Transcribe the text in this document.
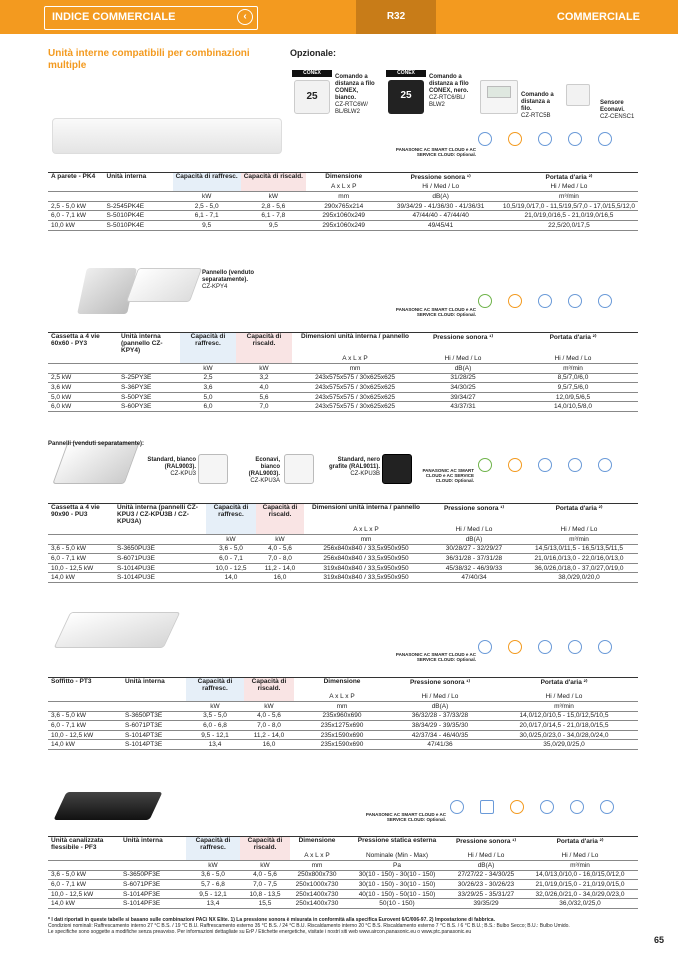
INDICE COMMERCIALE	‹	R32	COMMERCIALE
Unità interne compatibili per combinazioni multiple
Opzionale:
CONEX
25
Comando a distanza a filo CONEX, bianco.
CZ-RTC6W/ BL/BLW2
CONEX
25
Comando a distanza a filo CONEX, nero.
CZ-RTC6/BL/ BLW2
Comando a distanza a filo.
CZ-RTC5B
Sensore Econavi.
CZ-CENSC1
PANASONIC AC SMART CLOUD e AC SERVICE CLOUD: Optional.
A parete - PK4	Unità interna	Capacità di raffresc.	Capacità di riscald.	Dimensione	Pressione sonora ¹⁾	Portata d'aria ²⁾
				A x L x P	Hi / Med / Lo	Hi / Med / Lo
		kW	kW	mm	dB(A)	m³/min
2,5 - 5,0 kW	S-2545PK4E	2,5 - 5,0	2,8 - 5,6	290x765x214	39/34/29 - 41/36/30 - 41/36/31	10,5/19,0/17,0 - 11,5/19,5/7,0 - 17,0/15,5/12,0
6,0 - 7,1 kW	S-5010PK4E	6,1 - 7,1	6,1 - 7,8	295x1060x249	47/44/40 - 47/44/40	21,0/19,0/16,5 - 21,0/19,0/16,5
10,0 kW	S-5010PK4E	9,5	9,5	295x1060x249	49/45/41	22,5/20,0/17,5
Pannello (venduto separatamente).
CZ-KPY4
PANASONIC AC SMART CLOUD e AC SERVICE CLOUD: Optional.
Cassetta a 4 vie 60x60 - PY3	Unità interna (pannello CZ-KPY4)	Capacità di raffresc.	Capacità di riscald.	Dimensioni unità interna / pannello	Pressione sonora ¹⁾	Portata d'aria ²⁾
				A x L x P	Hi / Med / Lo	Hi / Med / Lo
		kW	kW	mm	dB(A)	m³/min
2,5 kW	S-25PY3E	2,5	3,2	243x575x575 / 30x625x625	31/28/25	8,5/7,0/6,0
3,6 kW	S-36PY3E	3,6	4,0	243x575x575 / 30x625x625	34/30/25	9,5/7,5/6,0
5,0 kW	S-50PY3E	5,0	5,6	243x575x575 / 30x625x625	39/34/27	12,0/9,5/6,5
6,0 kW	S-60PY3E	6,0	7,0	243x575x575 / 30x625x625	43/37/31	14,0/10,5/8,0
Pannelli (venduti separatamente):
Standard, bianco (RAL9003).
CZ-KPU3
Econavi, bianco (RAL9003).
CZ-KPU3A
Standard, nero grafite (RAL9011).
CZ-KPU3B
PANASONIC AC SMART CLOUD e AC SERVICE CLOUD: Optional.
Cassetta a 4 vie 90x90 - PU3	Unità interna (pannelli CZ-KPU3 / CZ-KPU3B / CZ-KPU3A)	Capacità di raffresc.	Capacità di riscald.	Dimensioni unità interna / pannello	Pressione sonora ¹⁾	Portata d'aria ²⁾
				A x L x P	Hi / Med / Lo	Hi / Med / Lo
		kW	kW	mm	dB(A)	m³/min
3,6 - 5,0 kW	S-3650PU3E	3,6 - 5,0	4,0 - 5,6	256x840x840 / 33,5x950x950	30/28/27 - 32/29/27	14,5/13,0/11,5 - 16,5/13,5/11,5
6,0 - 7,1 kW	S-6071PU3E	6,0 - 7,1	7,0 - 8,0	256x840x840 / 33,5x950x950	36/31/28 - 37/31/28	21,0/16,0/13,0 - 22,0/16,0/13,0
10,0 - 12,5 kW	S-1014PU3E	10,0 - 12,5	11,2 - 14,0	319x840x840 / 33,5x950x950	45/38/32 - 46/39/33	36,0/26,0/18,0 - 37,0/27,0/19,0
14,0 kW	S-1014PU3E	14,0	16,0	319x840x840 / 33,5x950x950	47/40/34	38,0/29,0/20,0
PANASONIC AC SMART CLOUD e AC SERVICE CLOUD: Optional.
Soffitto - PT3	Unità interna	Capacità di raffresc.	Capacità di riscald.	Dimensione	Pressione sonora ¹⁾	Portata d'aria ²⁾
				A x L x P	Hi / Med / Lo	Hi / Med / Lo
		kW	kW	mm	dB(A)	m³/min
3,6 - 5,0 kW	S-3650PT3E	3,5 - 5,0	4,0 - 5,6	235x960x690	36/32/28 - 37/33/28	14,0/12,0/10,5 - 15,0/12,5/10,5
6,0 - 7,1 kW	S-6071PT3E	6,0 - 6,8	7,0 - 8,0	235x1275x690	38/34/29 - 39/35/30	20,0/17,0/14,5 - 21,0/18,0/15,5
10,0 - 12,5 kW	S-1014PT3E	9,5 - 12,1	11,2 - 14,0	235x1590x690	42/37/34 - 46/40/35	30,0/25,0/23,0 - 34,0/28,0/24,0
14,0 kW	S-1014PT3E	13,4	16,0	235x1590x690	47/41/36	35,0/29,0/25,0
PANASONIC AC SMART CLOUD e AC SERVICE CLOUD: Optional.
Unità canalizzata flessibile - PF3	Unità interna	Capacità di raffresc.	Capacità di riscald.	Dimensione	Pressione statica esterna	Pressione sonora ¹⁾	Portata d'aria ²⁾
				A x L x P	Nominale (Min - Max)	Hi / Med / Lo	Hi / Med / Lo
		kW	kW	mm	Pa	dB(A)	m³/min
3,6 - 5,0 kW	S-3650PF3E	3,6 - 5,0	4,0 - 5,6	250x800x730	30(10 - 150) - 30(10 - 150)	27/27/22 - 34/30/25	14,0/13,0/10,0 - 16,0/15,0/12,0
6,0 - 7,1 kW	S-6071PF3E	5,7 - 6,8	7,0 - 7,5	250x1000x730	30(10 - 150) - 30(10 - 150)	30/26/23 - 30/26/23	21,0/19,0/15,0 - 21,0/19,0/15,0
10,0 - 12,5 kW	S-1014PF3E	9,5 - 12,1	10,8 - 13,5	250x1400x730	40(10 - 150) - 50(10 - 150)	33/29/25 - 35/31/27	32,0/26,0/21,0 - 34,0/29,0/23,0
14,0 kW	S-1014PF3E	13,4	15,5	250x1400x730	50(10 - 150)	39/35/29	36,0/32,0/25,0
* I dati riportati in queste tabelle si basano sulle combinazioni PACi NX Elite. 1) La pressione sonora è misurata in conformità alla specifica Eurovent 6/C/006-97. 2) Impostazione di fabbrica.
Condizioni nominali: Raffrescamento interno 27 °C B.S. / 19 °C B.U. Raffrescamento esterno 35 °C B.S. / 24 °C B.U. Riscaldamento interno 20 °C B.S. Riscaldamento esterno 7 °C B.S. / 6 °C B.U.; B.S.: Bulbo Secco; B.U.: Bulbo Umido.
Le specifiche sono soggette a modifiche senza preavviso. Per informazioni dettagliate su ErP / Etichette energetiche, visitate i nostri siti web www.aircon.panasonic.eu o www.ptc.panasonic.eu
65
